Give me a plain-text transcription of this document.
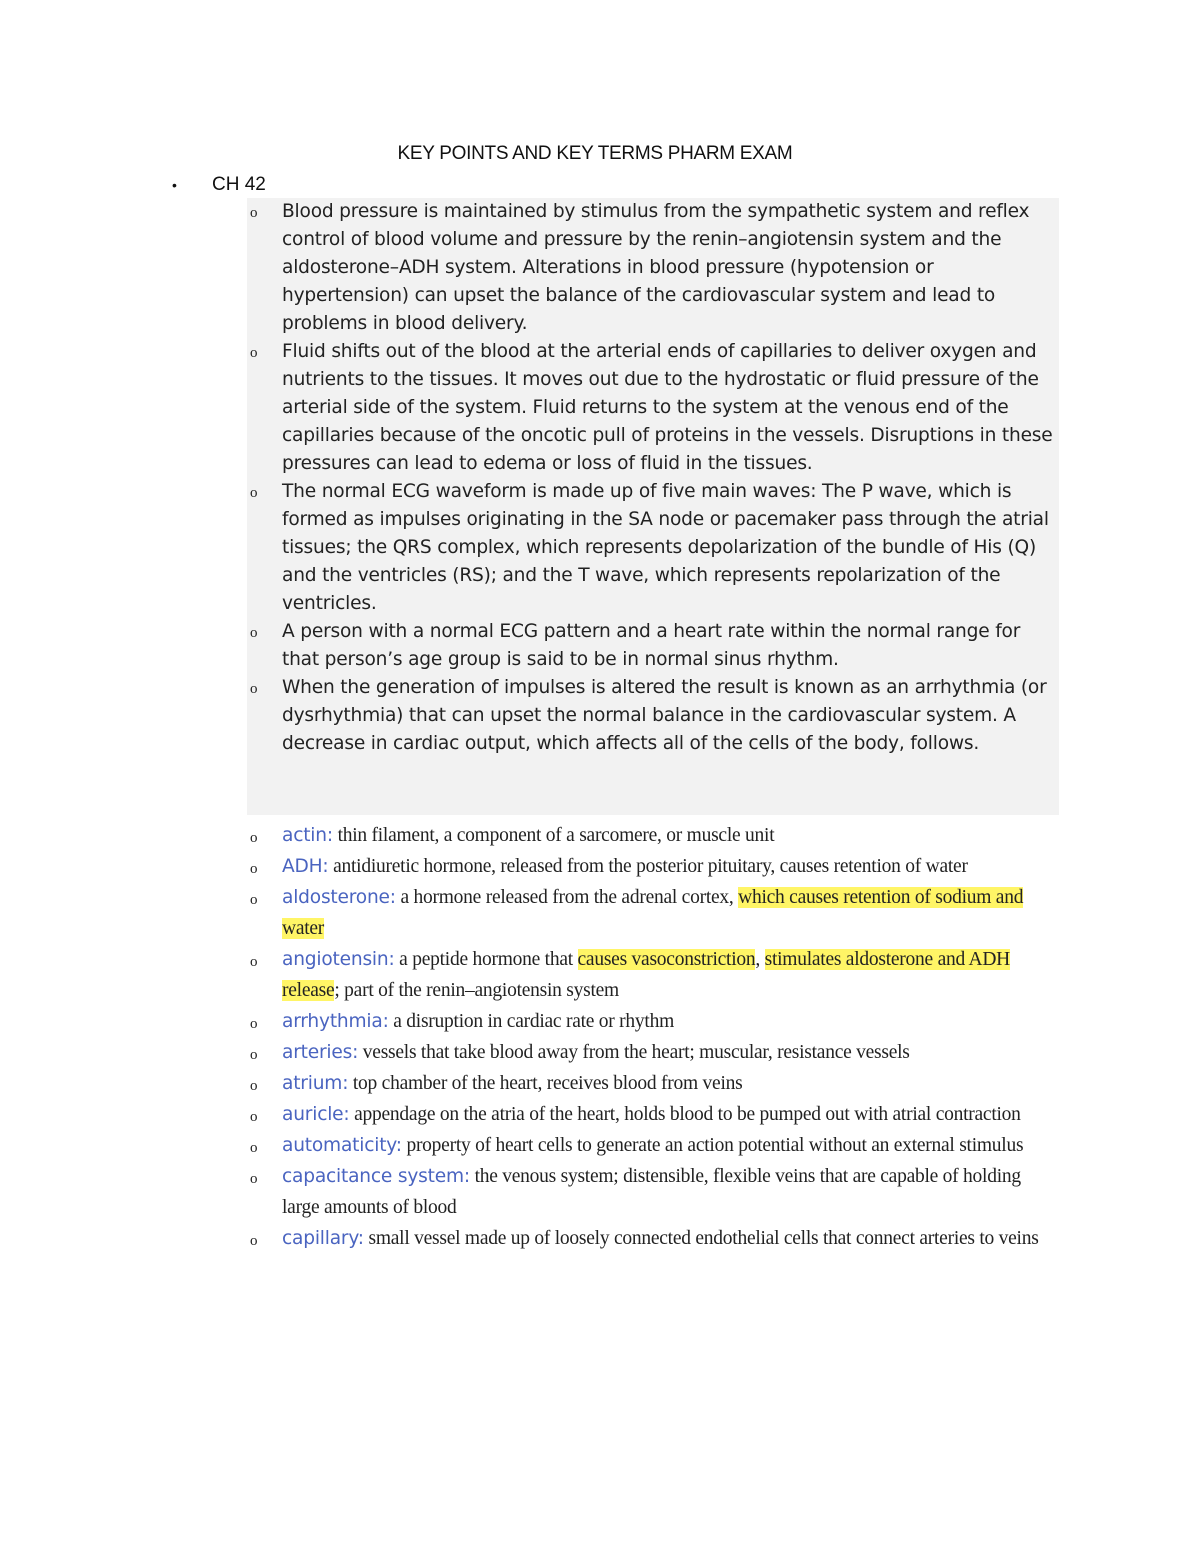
KEY POINTS AND KEY TERMS PHARM EXAM
• CH 42
o Blood pressure is maintained by stimulus from the sympathetic system and reflex control of blood volume and pressure by the renin–angiotensin system and the aldosterone–ADH system. Alterations in blood pressure (hypotension or hypertension) can upset the balance of the cardiovascular system and lead to problems in blood delivery.
o Fluid shifts out of the blood at the arterial ends of capillaries to deliver oxygen and nutrients to the tissues. It moves out due to the hydrostatic or fluid pressure of the arterial side of the system. Fluid returns to the system at the venous end of the capillaries because of the oncotic pull of proteins in the vessels. Disruptions in these pressures can lead to edema or loss of fluid in the tissues.
o The normal ECG waveform is made up of five main waves: The P wave, which is formed as impulses originating in the SA node or pacemaker pass through the atrial tissues; the QRS complex, which represents depolarization of the bundle of His (Q) and the ventricles (RS); and the T wave, which represents repolarization of the ventricles.
o A person with a normal ECG pattern and a heart rate within the normal range for that person’s age group is said to be in normal sinus rhythm.
o When the generation of impulses is altered the result is known as an arrhythmia (or dysrhythmia) that can upset the normal balance in the cardiovascular system. A decrease in cardiac output, which affects all of the cells of the body, follows.
o actin: thin filament, a component of a sarcomere, or muscle unit
o ADH: antidiuretic hormone, released from the posterior pituitary, causes retention of water
o aldosterone: a hormone released from the adrenal cortex, which causes retention of sodium and water
o angiotensin: a peptide hormone that causes vasoconstriction, stimulates aldosterone and ADH release; part of the renin–angiotensin system
o arrhythmia: a disruption in cardiac rate or rhythm
o arteries: vessels that take blood away from the heart; muscular, resistance vessels
o atrium: top chamber of the heart, receives blood from veins
o auricle: appendage on the atria of the heart, holds blood to be pumped out with atrial contraction
o automaticity: property of heart cells to generate an action potential without an external stimulus
o capacitance system: the venous system; distensible, flexible veins that are capable of holding large amounts of blood
o capillary: small vessel made up of loosely connected endothelial cells that connect arteries to veins
